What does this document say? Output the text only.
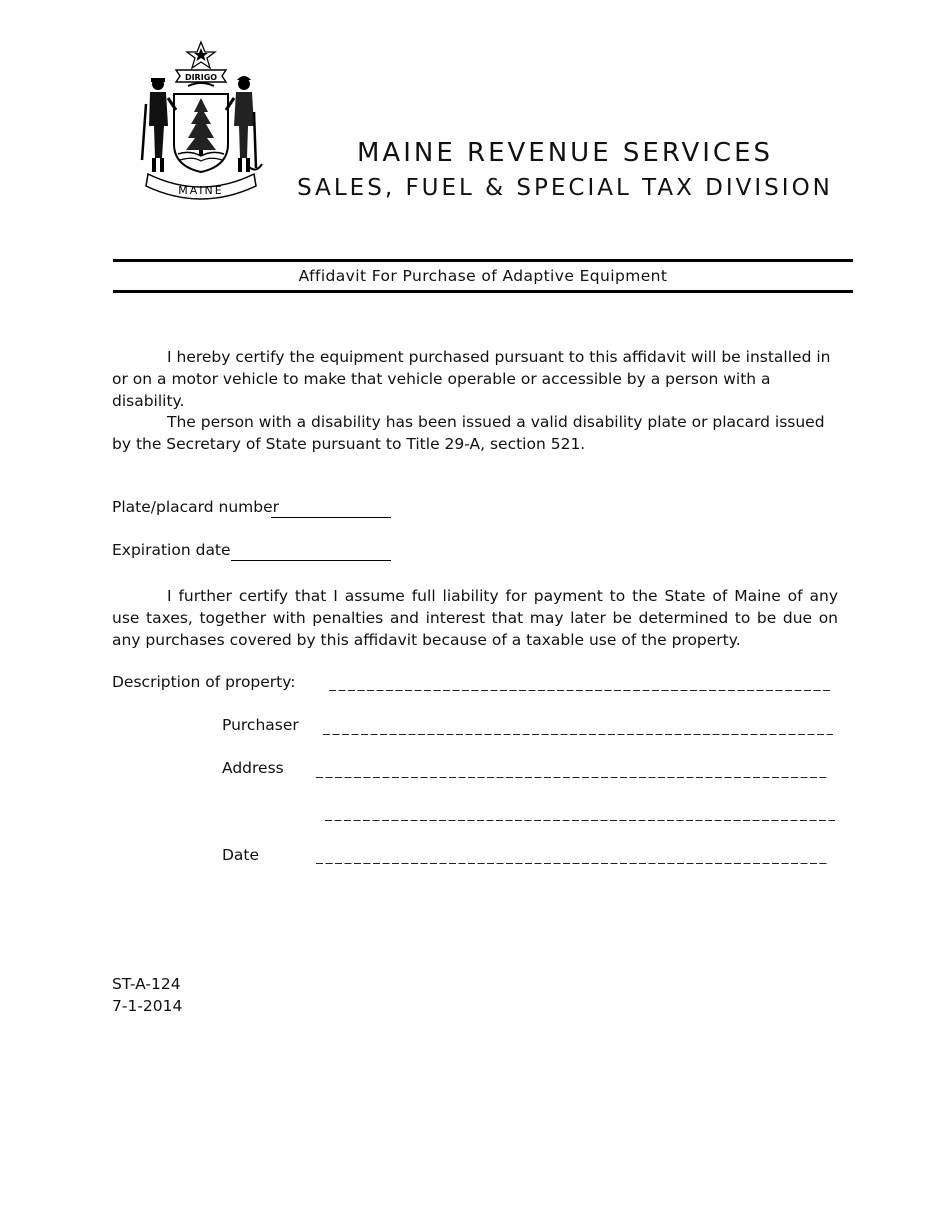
DIRIGO
MAINE
MAINE REVENUE SERVICES
SALES, FUEL & SPECIAL TAX DIVISION
Affidavit For Purchase of Adaptive Equipment

I hereby certify the equipment purchased pursuant to this affidavit will be installed in or on a motor vehicle to make that vehicle operable or accessible by a person with a disability.

The person with a disability has been issued a valid disability plate or placard issued by the Secretary of State pursuant to Title 29-A, section 521.

Plate/placard number
Expiration date

I further certify that I assume full liability for payment to the State of Maine of any use taxes, together with penalties and interest that may later be determined to be due on any purchases covered by this affidavit because of a taxable use of the property.

Description of property:
Purchaser
Address
Date
ST-A-124
7-1-2014
